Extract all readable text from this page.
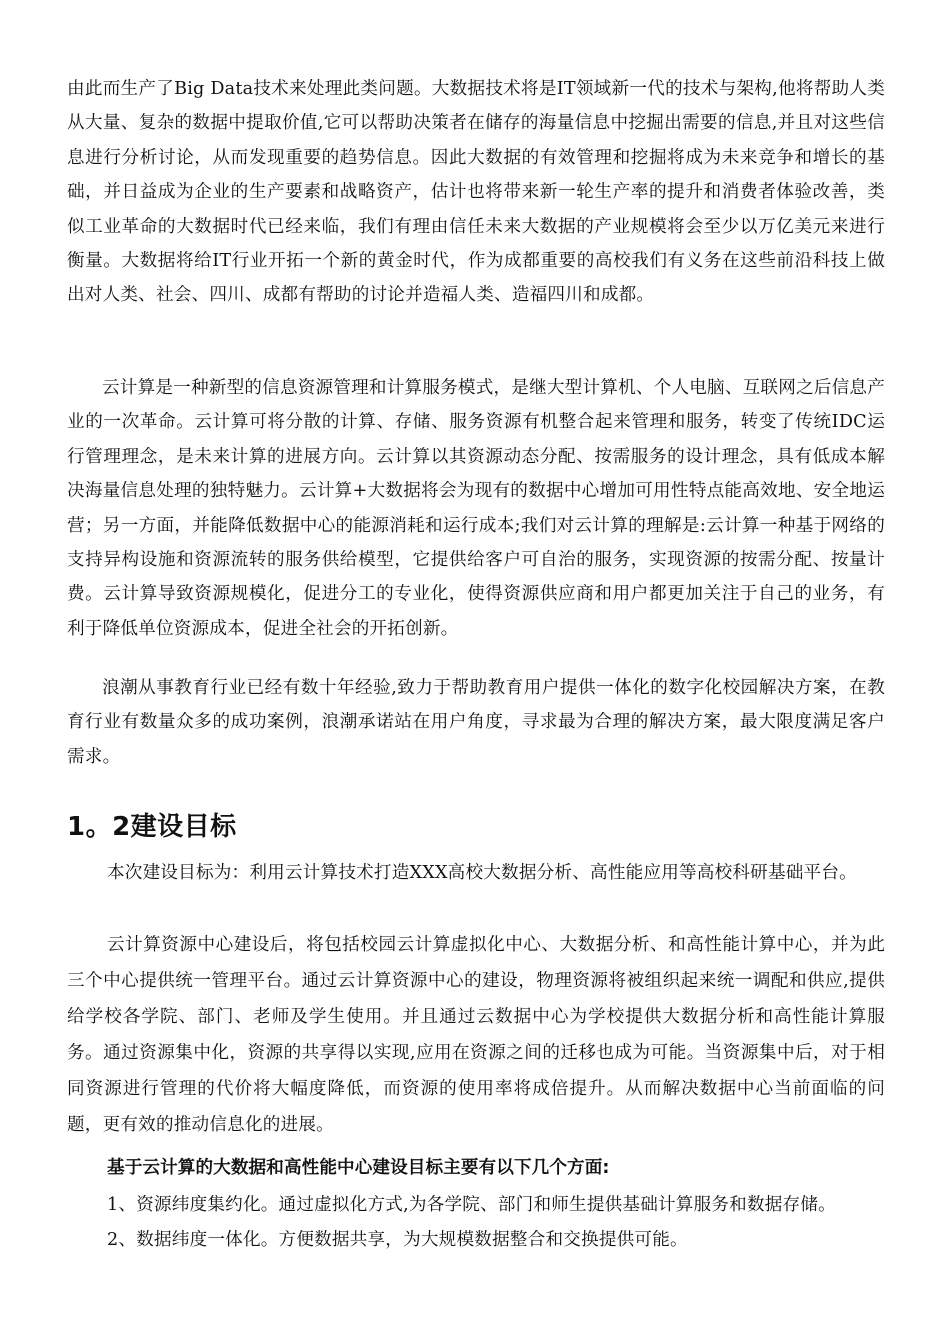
由此而生产了Big Data技术来处理此类问题。大数据技术将是IT领域新一代的技术与架构,他将帮助人类从大量、复杂的数据中提取价值,它可以帮助决策者在储存的海量信息中挖掘出需要的信息,并且对这些信息进行分析讨论，从而发现重要的趋势信息。因此大数据的有效管理和挖掘将成为未来竞争和增长的基础，并日益成为企业的生产要素和战略资产，估计也将带来新一轮生产率的提升和消费者体验改善，类似工业革命的大数据时代已经来临，我们有理由信任未来大数据的产业规模将会至少以万亿美元来进行衡量。大数据将给IT行业开拓一个新的黄金时代，作为成都重要的高校我们有义务在这些前沿科技上做出对人类、社会、四川、成都有帮助的讨论并造福人类、造福四川和成都。

云计算是一种新型的信息资源管理和计算服务模式，是继大型计算机、个人电脑、互联网之后信息产业的一次革命。云计算可将分散的计算、存储、服务资源有机整合起来管理和服务，转变了传统IDC运行管理理念，是未来计算的进展方向。云计算以其资源动态分配、按需服务的设计理念，具有低成本解决海量信息处理的独特魅力。云计算+大数据将会为现有的数据中心增加可用性特点能高效地、安全地运营；另一方面，并能降低数据中心的能源消耗和运行成本;我们对云计算的理解是:云计算一种基于网络的支持异构设施和资源流转的服务供给模型，它提供给客户可自治的服务，实现资源的按需分配、按量计费。云计算导致资源规模化，促进分工的专业化，使得资源供应商和用户都更加关注于自己的业务，有利于降低单位资源成本，促进全社会的开拓创新。

浪潮从事教育行业已经有数十年经验,致力于帮助教育用户提供一体化的数字化校园解决方案，在教育行业有数量众多的成功案例，浪潮承诺站在用户角度，寻求最为合理的解决方案，最大限度满足客户需求。

1。2建设目标

本次建设目标为：利用云计算技术打造XXX高校大数据分析、高性能应用等高校科研基础平台。

云计算资源中心建设后，将包括校园云计算虚拟化中心、大数据分析、和高性能计算中心，并为此三个中心提供统一管理平台。通过云计算资源中心的建设，物理资源将被组织起来统一调配和供应,提供给学校各学院、部门、老师及学生使用。并且通过云数据中心为学校提供大数据分析和高性能计算服务。通过资源集中化，资源的共享得以实现,应用在资源之间的迁移也成为可能。当资源集中后，对于相同资源进行管理的代价将大幅度降低，而资源的使用率将成倍提升。从而解决数据中心当前面临的问题，更有效的推动信息化的进展。

基于云计算的大数据和高性能中心建设目标主要有以下几个方面:

1、资源纬度集约化。通过虚拟化方式,为各学院、部门和师生提供基础计算服务和数据存储。

2、数据纬度一体化。方便数据共享，为大规模数据整合和交换提供可能。
